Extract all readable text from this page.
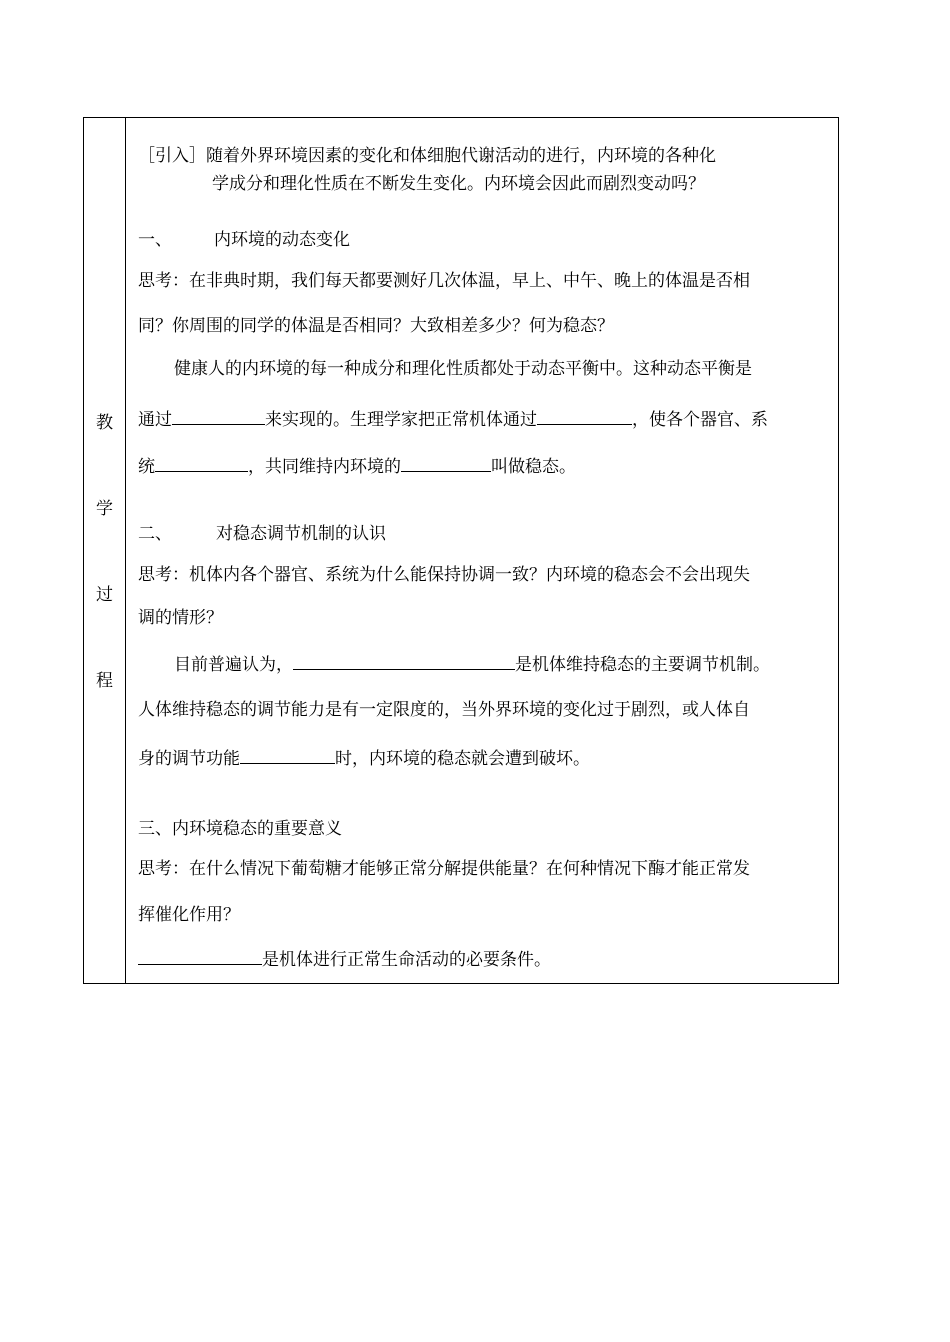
教
学
过
程
［引入］随着外界环境因素的变化和体细胞代谢活动的进行，内环境的各种化
学成分和理化性质在不断发生变化。内环境会因此而剧烈变动吗？
一、 内环境的动态变化
思考：在非典时期，我们每天都要测好几次体温，早上、中午、晚上的体温是否相
同？你周围的同学的体温是否相同？大致相差多少？何为稳态？
健康人的内环境的每一种成分和理化性质都处于动态平衡中。这种动态平衡是
通过	来实现的。生理学家把正常机体通过	，使各个器官、系
统	，共同维持内环境的	叫做稳态。
二、	对稳态调节机制的认识
思考：机体内各个器官、系统为什么能保持协调一致？内环境的稳态会不会出现失
调的情形？
目前普遍认为，	是机体维持稳态的主要调节机制。
人体维持稳态的调节能力是有一定限度的，当外界环境的变化过于剧烈，或人体自
身的调节功能	时，内环境的稳态就会遭到破坏。
三、内环境稳态的重要意义
思考：在什么情况下葡萄糖才能够正常分解提供能量？在何种情况下酶才能正常发
挥催化作用？
是机体进行正常生命活动的必要条件。
